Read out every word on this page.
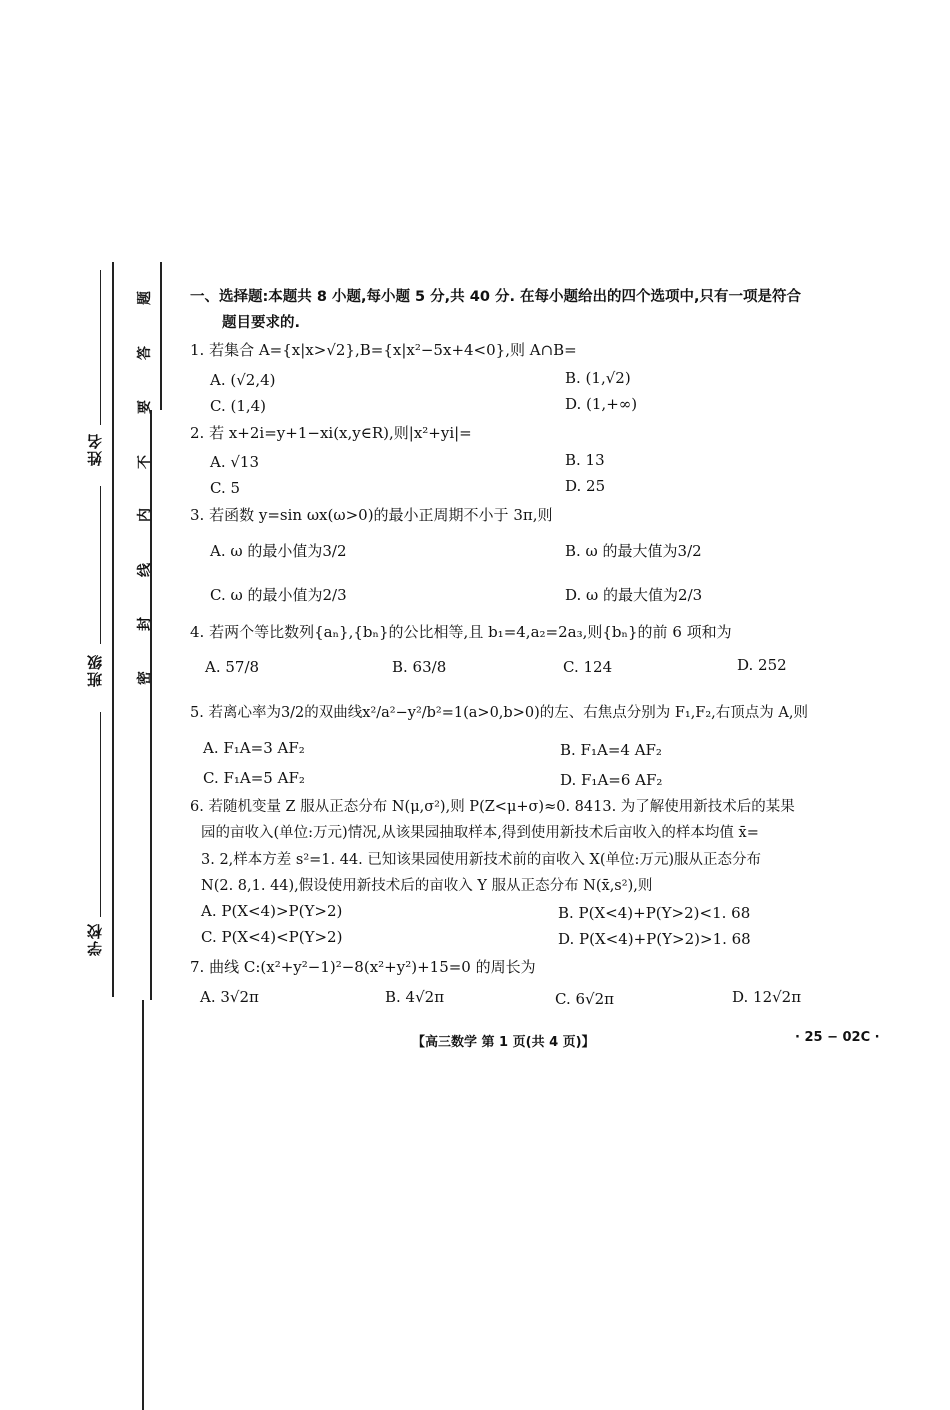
姓名
班级
学校
题
答
要
不
内
线
封
密
一、选择题:本题共 8 小题,每小题 5 分,共 40 分. 在每小题给出的四个选项中,只有一项是符合
题目要求的.
1. 若集合 A={x|x>√2},B={x|x²−5x+4<0},则 A∩B=
A. (√2,4)	B. (1,√2)
C. (1,4)	D. (1,+∞)
2. 若 x+2i=y+1−xi(x,y∈R),则|x²+yi|=
A. √13	B. 13
C. 5	D. 25
3. 若函数 y=sin ωx(ω>0)的最小正周期不小于 3π,则
A. ω 的最小值为3/2	B. ω 的最大值为3/2
C. ω 的最小值为2/3	D. ω 的最大值为2/3
4. 若两个等比数列{aₙ},{bₙ}的公比相等,且 b₁=4,a₂=2a₃,则{bₙ}的前 6 项和为
A. 57/8	B. 63/8	C. 124	D. 252
5. 若离心率为3/2的双曲线x²/a²−y²/b²=1(a>0,b>0)的左、右焦点分别为 F₁,F₂,右顶点为 A,则
A. F₁A=3 AF₂	B. F₁A=4 AF₂
C. F₁A=5 AF₂	D. F₁A=6 AF₂
6. 若随机变量 Z 服从正态分布 N(μ,σ²),则 P(Z<μ+σ)≈0. 8413. 为了解使用新技术后的某果
园的亩收入(单位:万元)情况,从该果园抽取样本,得到使用新技术后亩收入的样本均值 x̄=
3. 2,样本方差 s²=1. 44. 已知该果园使用新技术前的亩收入 X(单位:万元)服从正态分布
N(2. 8,1. 44),假设使用新技术后的亩收入 Y 服从正态分布 N(x̄,s²),则
A. P(X<4)>P(Y>2)	B. P(X<4)+P(Y>2)<1. 68
C. P(X<4)<P(Y>2)	D. P(X<4)+P(Y>2)>1. 68
7. 曲线 C:(x²+y²−1)²−8(x²+y²)+15=0 的周长为
A. 3√2π	B. 4√2π	C. 6√2π	D. 12√2π
【高三数学 第 1 页(共 4 页)】	· 25 − 02C ·
